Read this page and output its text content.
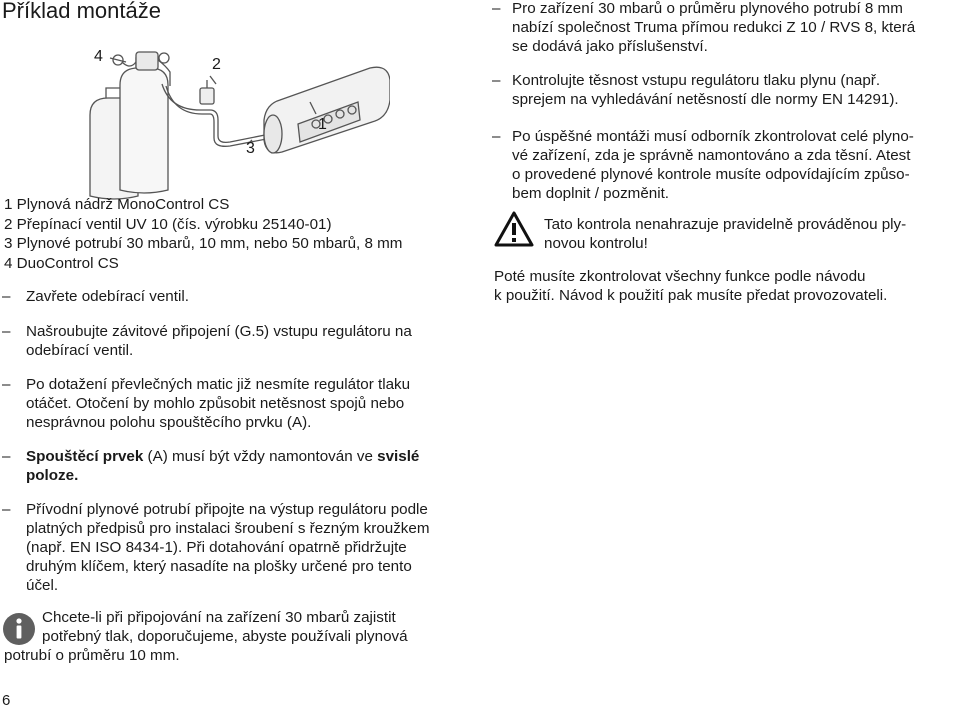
Příklad montáže
4	2
3
1
1 Plynová nádrž MonoControl CS
2 Přepínací ventil UV 10 (čís. výrobku 25140-01)
3 Plynové potrubí 30 mbarů, 10 mm, nebo 50 mbarů, 8 mm
4 DuoControl CS
– Zavřete odebírací ventil.
– Našroubujte závitové připojení (G.5) vstupu regulátoru na
odebírací ventil.
– Po dotažení převlečných matic již nesmíte regulátor tlaku
otáčet. Otočení by mohlo způsobit netěsnost spojů nebo
nesprávnou polohu spouštěcího prvku (A).
– Spouštěcí prvek (A) musí být vždy namontován ve svislé
poloze.
– Přívodní plynové potrubí připojte na výstup regulátoru podle
platných předpisů pro instalaci šroubení s řezným kroužkem
(např. EN ISO 8434-1). Při dotahování opatrně přidržujte
druhým klíčem, který nasadíte na plošky určené pro tento
účel.
Chcete-li při připojování na zařízení 30 mbarů zajistit
potřebný tlak, doporučujeme, abyste používali plynová
potrubí o průměru 10 mm.
6
– Pro zařízení 30 mbarů o průměru plynového potrubí 8 mm
nabízí společnost Truma přímou redukci Z 10 / RVS 8, která
se dodává jako příslušenství.
– Kontrolujte těsnost vstupu regulátoru tlaku plynu (např.
sprejem na vyhledávání netěsností dle normy EN 14291).
– Po úspěšné montáži musí odborník zkontrolovat celé plyno-
vé zařízení, zda je správně namontováno a zda těsní. Atest
o provedené plynové kontrole musíte odpovídajícím způso-
bem doplnit / pozměnit.
Tato kontrola nenahrazuje pravidelně prováděnou ply-
novou kontrolu!
Poté musíte zkontrolovat všechny funkce podle návodu
k použití. Návod k použití pak musíte předat provozovateli.
